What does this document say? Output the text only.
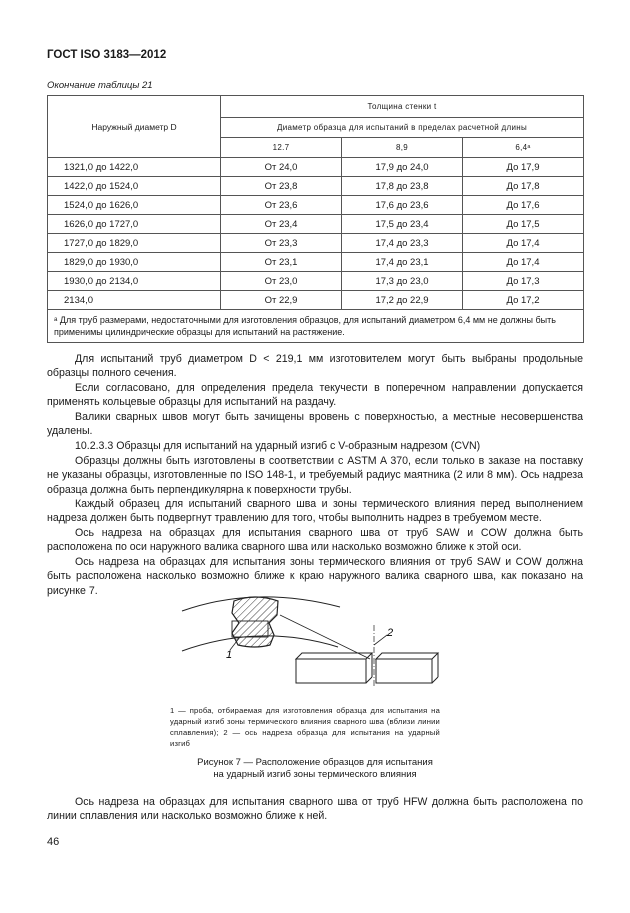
ГОСТ ISO 3183—2012
Окончание таблицы 21
Наружный диаметр D	Толщина стенки t		
	Диаметр образца для испытаний в пределах расчетной длины		
	12.7	8,9	6,4ᵃ
1321,0 до 1422,0	От 24,0	17,9 до 24,0	До 17,9
1422,0 до 1524,0	От 23,8	17,8 до 23,8	До 17,8
1524,0 до 1626,0	От 23,6	17,6 до 23,6	До 17,6
1626,0 до 1727,0	От 23,4	17,5 до 23,4	До 17,5
1727,0 до 1829,0	От 23,3	17,4 до 23,3	До 17,4
1829,0 до 1930,0	От 23,1	17,4 до 23,1	До 17,4
1930,0 до 2134,0	От 23,0	17,3 до 23,0	До 17,3
2134,0	От 22,9	17,2 до 22,9	До 17,2
ᵃ Для труб размерами, недостаточными для изготовления образцов, для испытаний диаметром 6,4 мм не должны быть применимы цилиндрические образцы для испытаний на растяжение.			
Для испытаний труб диаметром D < 219,1 мм изготовителем могут быть выбраны продольные образцы полного сечения.
Если согласовано, для определения предела текучести в поперечном направлении допускается применять кольцевые образцы для испытаний на раздачу.
Валики сварных швов могут быть зачищены вровень с поверхностью, а местные несовершенства удалены.
10.2.3.3 Образцы для испытаний на ударный изгиб с V-образным надрезом (CVN)
Образцы должны быть изготовлены в соответствии с ASTM A 370, если только в заказе на поставку не указаны образцы, изготовленные по ISO 148-1, и требуемый радиус маятника (2 или 8 мм). Ось надреза образца должна быть перпендикулярна к поверхности трубы.
Каждый образец для испытаний сварного шва и зоны термического влияния перед выполнением надреза должен быть подвергнут травлению для того, чтобы выполнить надрез в требуемом месте.
Ось надреза на образцах для испытания сварного шва от труб SAW и COW должна быть расположена по оси наружного валика сварного шва или насколько возможно ближе к этой оси.
Ось надреза на образцах для испытания зоны термического влияния от труб SAW и COW должна быть расположена насколько возможно ближе к краю наружного валика сварного шва, как показано на рисунке 7.
1
2
1 — проба, отбираемая для изготовления образца для испытания на ударный изгиб зоны термического влияния сварного шва (вблизи линии сплавления); 2 — ось надреза образца для испытания на ударный изгиб
Рисунок 7 — Расположение образцов для испытания
на ударный изгиб зоны термического влияния
Ось надреза на образцах для испытания сварного шва от труб HFW должна быть расположена по линии сплавления или насколько возможно ближе к ней.
46
